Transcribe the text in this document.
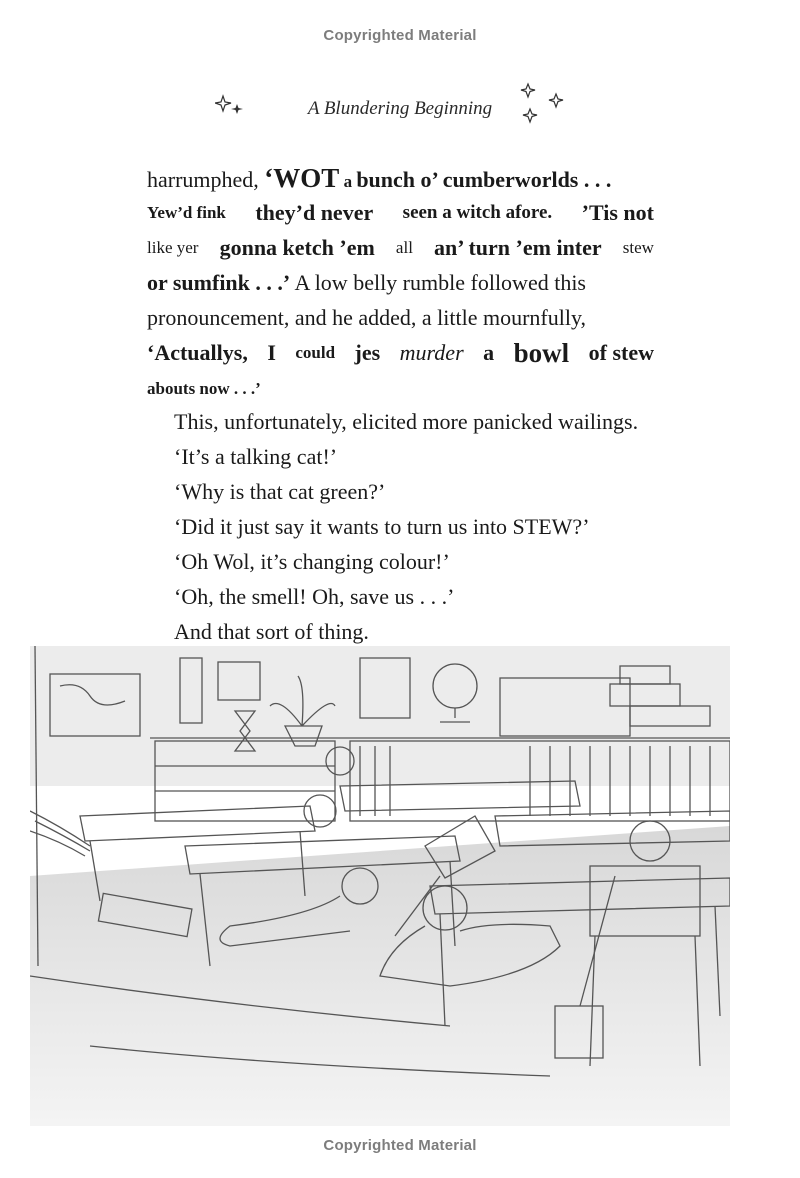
Copyrighted Material
A Blundering Beginning
harrumphed, ‘WOT a bunch o’ cumberworlds . . .
Yew’d fink they’d never seen a witch afore. ’Tis not
like yer gonna ketch ’em all an’ turn ’em inter stew
or sumfink . . .’ A low belly rumble followed this
pronouncement, and he added, a little mournfully,
‘Actuallys, I could jes murder a bowl of stew
abouts now . . .’
This, unfortunately, elicited more panicked wailings.
‘It’s a talking cat!’
‘Why is that cat green?’
‘Did it just say it wants to turn us into STEW?’
‘Oh Wol, it’s changing colour!’
‘Oh, the smell! Oh, save us . . .’
And that sort of thing.
Copyrighted Material
